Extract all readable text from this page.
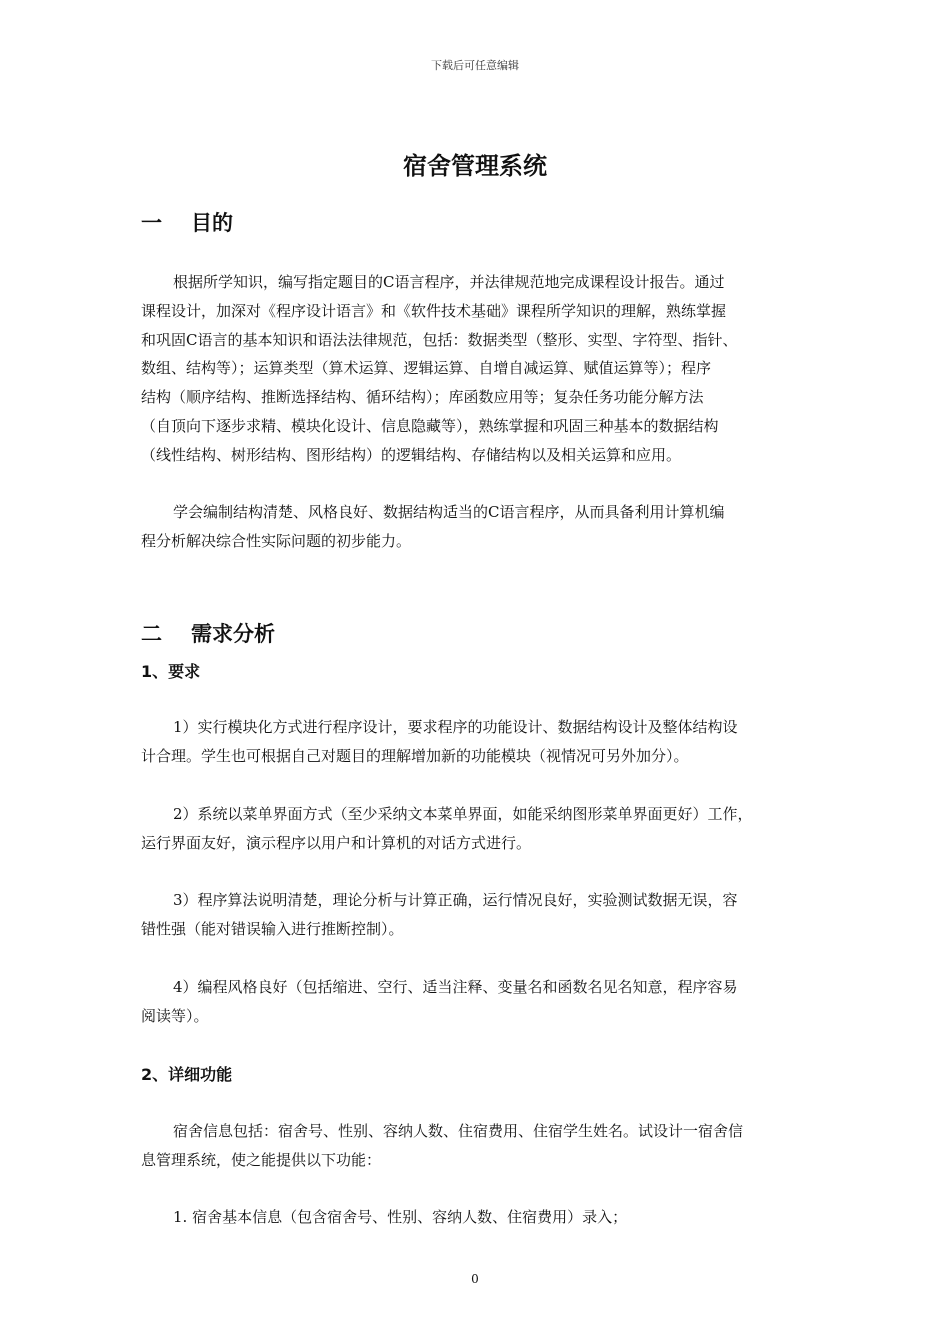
下载后可任意编辑
宿舍管理系统
一 目的
根据所学知识，编写指定题目的C语言程序，并法律规范地完成课程设计报告。通过
课程设计，加深对《程序设计语言》和《软件技术基础》课程所学知识的理解，熟练掌握
和巩固C语言的基本知识和语法法律规范，包括：数据类型（整形、实型、字符型、指针、
数组、结构等）；运算类型（算术运算、逻辑运算、自增自减运算、赋值运算等）；程序
结构（顺序结构、推断选择结构、循环结构）；库函数应用等；复杂任务功能分解方法
（自顶向下逐步求精、模块化设计、信息隐藏等），熟练掌握和巩固三种基本的数据结构
（线性结构、树形结构、图形结构）的逻辑结构、存储结构以及相关运算和应用。
学会编制结构清楚、风格良好、数据结构适当的C语言程序，从而具备利用计算机编
程分析解决综合性实际问题的初步能力。
二 需求分析
1、要求
1）实行模块化方式进行程序设计，要求程序的功能设计、数据结构设计及整体结构设
计合理。学生也可根据自己对题目的理解增加新的功能模块（视情况可另外加分）。
2）系统以菜单界面方式（至少采纳文本菜单界面，如能采纳图形菜单界面更好）工作，
运行界面友好，演示程序以用户和计算机的对话方式进行。
3）程序算法说明清楚，理论分析与计算正确，运行情况良好，实验测试数据无误，容
错性强（能对错误输入进行推断控制）。
4）编程风格良好（包括缩进、空行、适当注释、变量名和函数名见名知意，程序容易
阅读等）。
2、详细功能
宿舍信息包括：宿舍号、性别、容纳人数、住宿费用、住宿学生姓名。试设计一宿舍信
息管理系统，使之能提供以下功能：
1. 宿舍基本信息（包含宿舍号、性别、容纳人数、住宿费用）录入；
0
